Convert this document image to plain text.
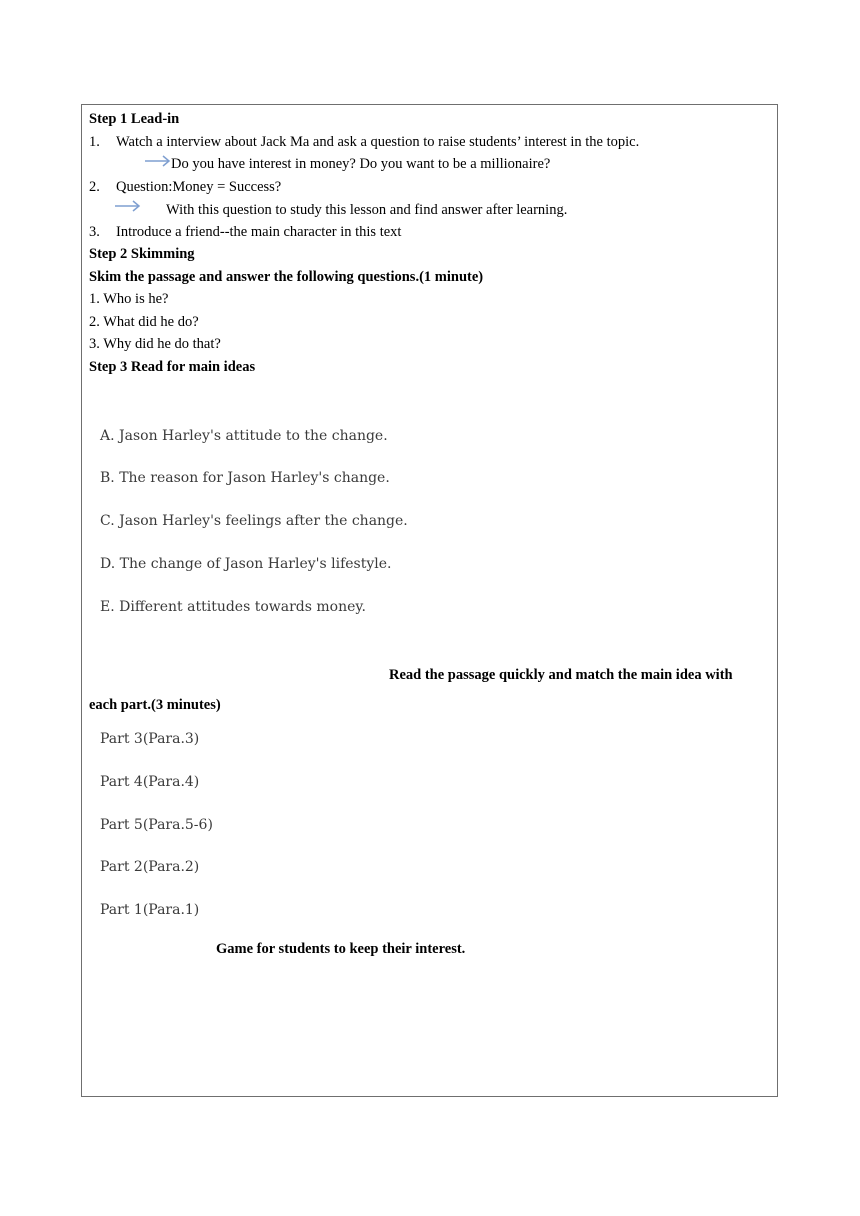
Step 1 Lead-in
1. Watch a interview about Jack Ma and ask a question to raise students’ interest in the topic.
Do you have interest in money? Do you want to be a millionaire?
2. Question:Money = Success?
With this question to study this lesson and find answer after learning.
3. Introduce a friend--the main character in this text
Step 2 Skimming
Skim the passage and answer the following questions.(1 minute)
1. Who is he?
2. What did he do?
3. Why did he do that?
Step 3 Read for main ideas
A. Jason Harley's attitude to the change.
B. The reason for Jason Harley's change.
C. Jason Harley's feelings after the change.
D. The change of Jason Harley's lifestyle.
E. Different attitudes towards money.
Read the passage quickly and match the main idea with
each part.(3 minutes)
Part 3(Para.3)
Part 4(Para.4)
Part 5(Para.5-6)
Part 2(Para.2)
Part 1(Para.1)
Game for students to keep their interest.
